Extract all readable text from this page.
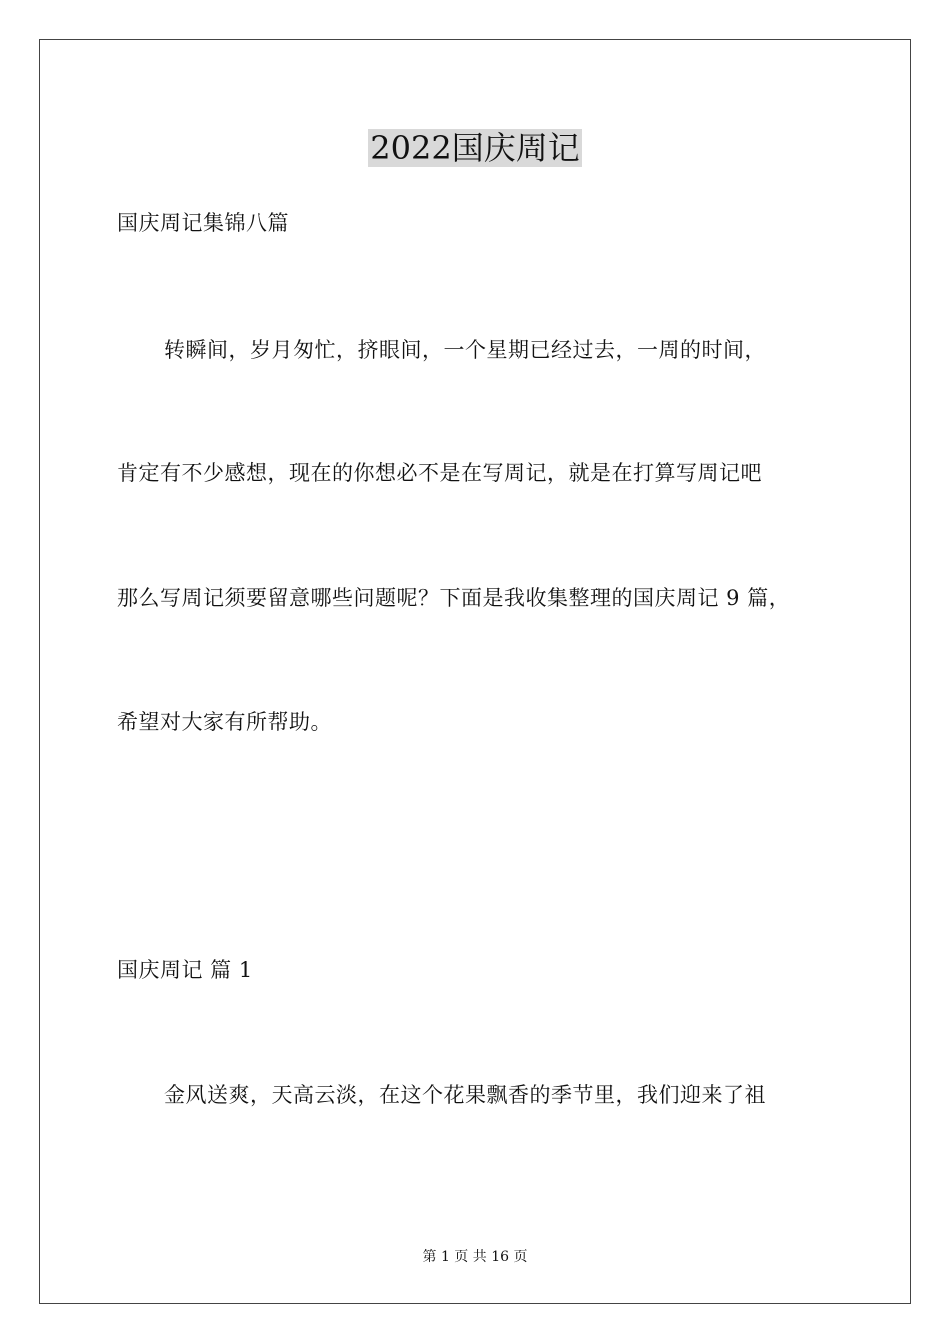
2022国庆周记
国庆周记集锦八篇
转瞬间，岁月匆忙，挤眼间，一个星期已经过去，一周的时间，
肯定有不少感想，现在的你想必不是在写周记，就是在打算写周记吧
那么写周记须要留意哪些问题呢？下面是我收集整理的国庆周记 9 篇，
希望对大家有所帮助。
国庆周记 篇 1
金风送爽，天高云淡，在这个花果飘香的季节里，我们迎来了祖
第 1 页 共 16 页
